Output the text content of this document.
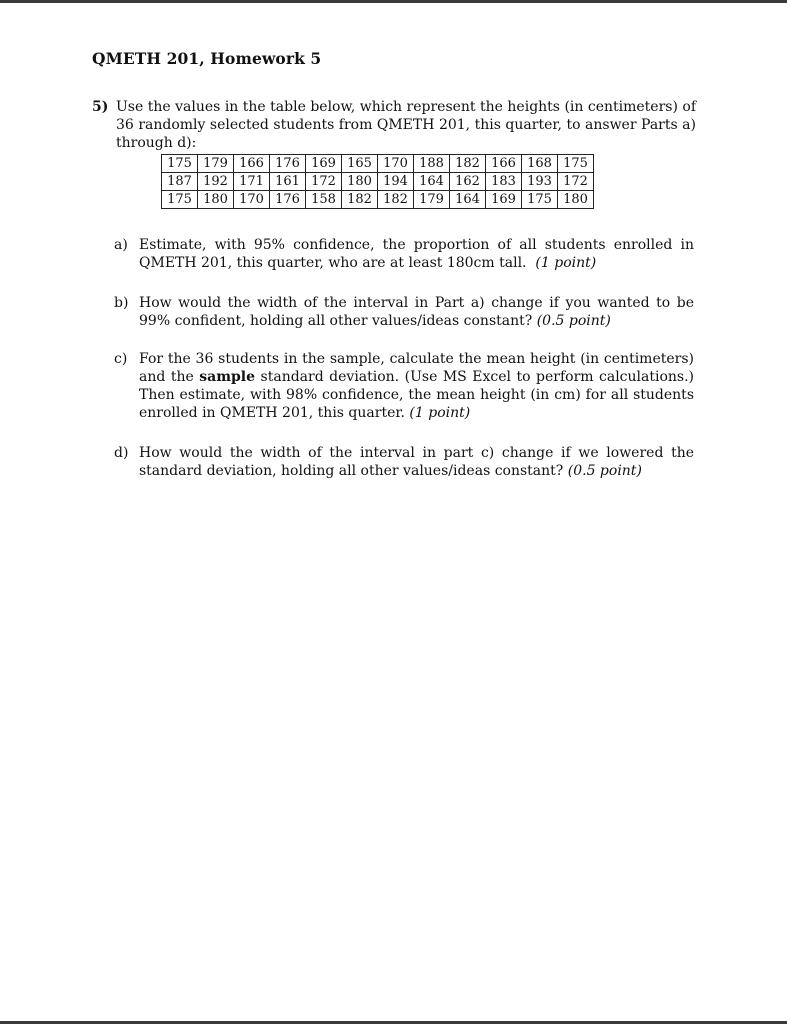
QMETH 201, Homework 5
5) Use the values in the table below, which represent the heights (in centimeters) of 36 randomly selected students from QMETH 201, this quarter, to answer Parts a) through d):
175	179	166	176	169	165	170	188	182	166	168	175
187	192	171	161	172	180	194	164	162	183	193	172
175	180	170	176	158	182	182	179	164	169	175	180
a) Estimate, with 95% confidence, the proportion of all students enrolled in QMETH 201, this quarter, who are at least 180cm tall. (1 point)
b) How would the width of the interval in Part a) change if you wanted to be 99% confident, holding all other values/ideas constant? (0.5 point)
c) For the 36 students in the sample, calculate the mean height (in centimeters) and the sample standard deviation. (Use MS Excel to perform calculations.) Then estimate, with 98% confidence, the mean height (in cm) for all students enrolled in QMETH 201, this quarter. (1 point)
d) How would the width of the interval in part c) change if we lowered the standard deviation, holding all other values/ideas constant? (0.5 point)
